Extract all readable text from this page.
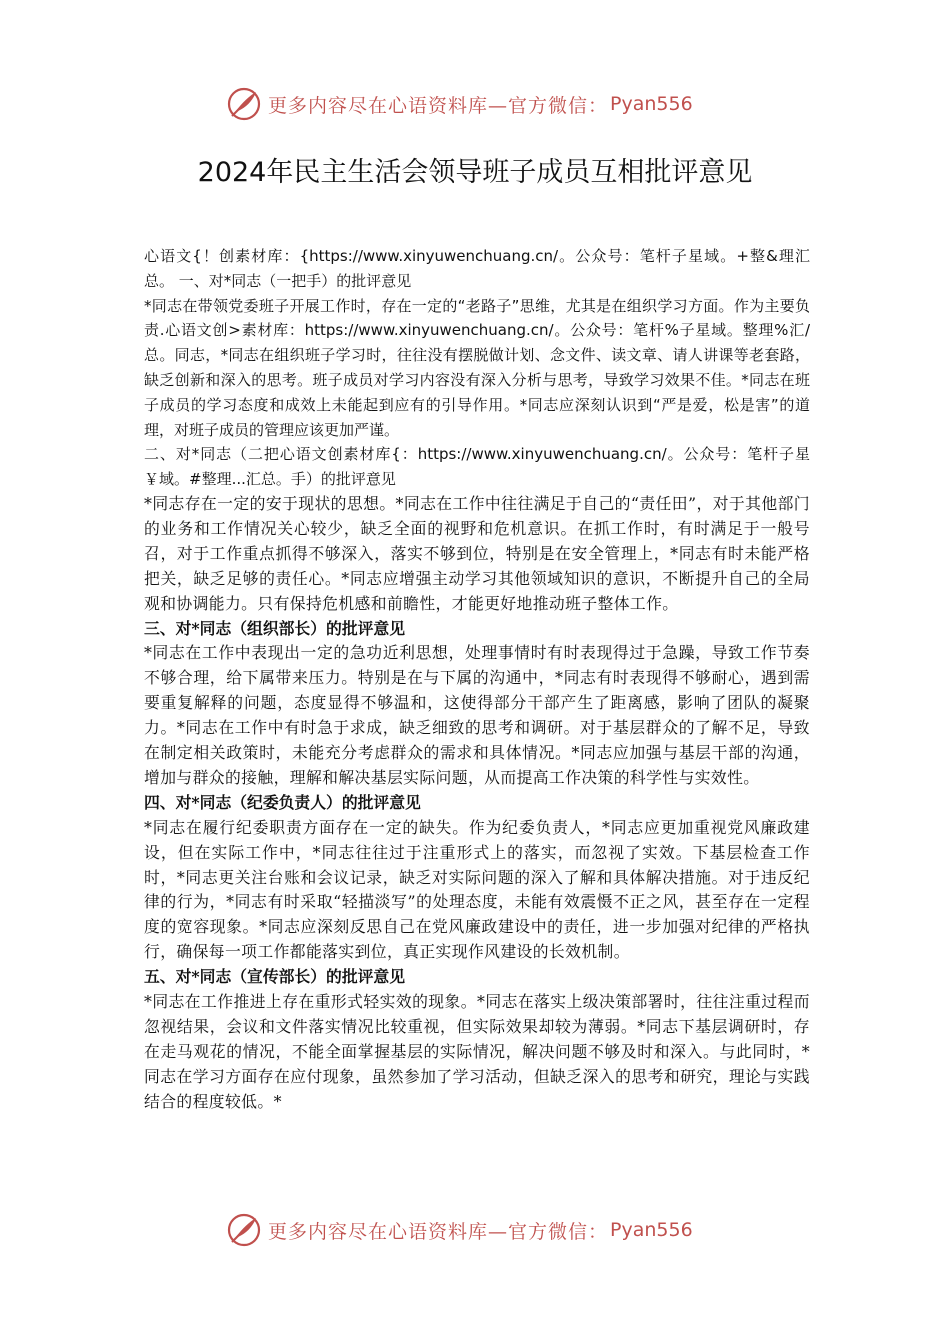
更多内容尽在心语资料库—官方微信： Pyan556
2024年民主生活会领导班子成员互相批评意见

心语文{！创素材库：{https://www.xinyuwenchuang.cn/。公众号：笔杆子星域。+整&理汇总。 一、对*同志（一把手）的批评意见

*同志在带领党委班子开展工作时，存在一定的“老路子”思维，尤其是在组织学习方面。作为主要负责.心语文创>素材库：https://www.xinyuwenchuang.cn/。公众号：笔杆%子星域。整理%汇/总。同志，*同志在组织班子学习时，往往没有摆脱做计划、念文件、读文章、请人讲课等老套路，缺乏创新和深入的思考。班子成员对学习内容没有深入分析与思考，导致学习效果不佳。*同志在班子成员的学习态度和成效上未能起到应有的引导作用。*同志应深刻认识到“严是爱，松是害”的道理，对班子成员的管理应该更加严谨。

二、对*同志（二把心语文创素材库{：https://www.xinyuwenchuang.cn/。公众号：笔杆子星￥域。#整理...汇总。手）的批评意见

*同志存在一定的安于现状的思想。*同志在工作中往往满足于自己的“责任田”，对于其他部门的业务和工作情况关心较少，缺乏全面的视野和危机意识。在抓工作时，有时满足于一般号召，对于工作重点抓得不够深入，落实不够到位，特别是在安全管理上，*同志有时未能严格把关，缺乏足够的责任心。*同志应增强主动学习其他领域知识的意识，不断提升自己的全局观和协调能力。只有保持危机感和前瞻性，才能更好地推动班子整体工作。

三、对*同志（组织部长）的批评意见

*同志在工作中表现出一定的急功近利思想，处理事情时有时表现得过于急躁，导致工作节奏不够合理，给下属带来压力。特别是在与下属的沟通中，*同志有时表现得不够耐心，遇到需要重复解释的问题，态度显得不够温和，这使得部分干部产生了距离感，影响了团队的凝聚力。*同志在工作中有时急于求成，缺乏细致的思考和调研。对于基层群众的了解不足，导致在制定相关政策时，未能充分考虑群众的需求和具体情况。*同志应加强与基层干部的沟通，增加与群众的接触，理解和解决基层实际问题，从而提高工作决策的科学性与实效性。

四、对*同志（纪委负责人）的批评意见

*同志在履行纪委职责方面存在一定的缺失。作为纪委负责人，*同志应更加重视党风廉政建设，但在实际工作中，*同志往往过于注重形式上的落实，而忽视了实效。下基层检查工作时，*同志更关注台账和会议记录，缺乏对实际问题的深入了解和具体解决措施。对于违反纪律的行为，*同志有时采取“轻描淡写”的处理态度，未能有效震慑不正之风，甚至存在一定程度的宽容现象。*同志应深刻反思自己在党风廉政建设中的责任，进一步加强对纪律的严格执行，确保每一项工作都能落实到位，真正实现作风建设的长效机制。

五、对*同志（宣传部长）的批评意见

*同志在工作推进上存在重形式轻实效的现象。*同志在落实上级决策部署时，往往注重过程而忽视结果，会议和文件落实情况比较重视，但实际效果却较为薄弱。*同志下基层调研时，存在走马观花的情况，不能全面掌握基层的实际情况，解决问题不够及时和深入。与此同时，*同志在学习方面存在应付现象，虽然参加了学习活动，但缺乏深入的思考和研究，理论与实践结合的程度较低。*

更多内容尽在心语资料库—官方微信： Pyan556
